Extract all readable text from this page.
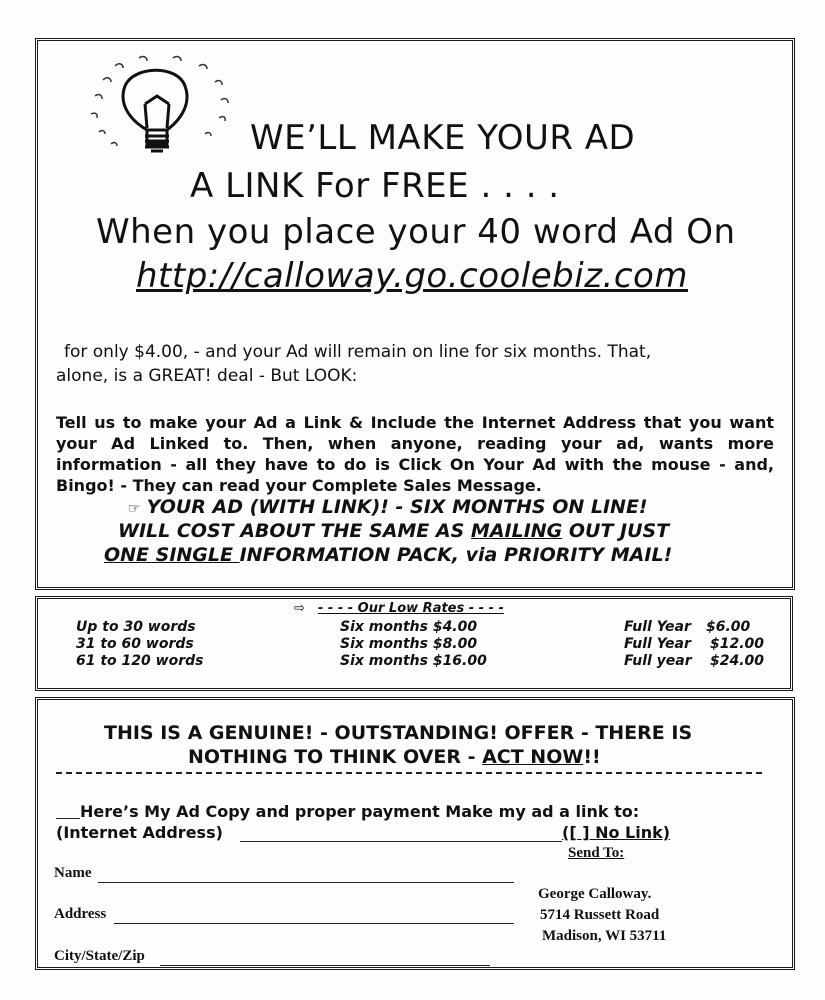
WE’LL MAKE YOUR AD
A LINK For FREE . . . .
When you place your 40 word Ad On
http://calloway.go.coolebiz.com
for only $4.00, - and your Ad will remain on line for six months. That,
alone, is a GREAT! deal - But LOOK:
Tell us to make your Ad a Link & Include the Internet Address that you want your Ad Linked to. Then, when anyone, reading your ad, wants more information - all they have to do is Click On Your Ad with the mouse - and, Bingo! - They can read your Complete Sales Message.
☞ YOUR AD (WITH LINK)! - SIX MONTHS ON LINE!
WILL COST ABOUT THE SAME AS MAILING OUT JUST
ONE SINGLE INFORMATION PACK, via PRIORITY MAIL!
⇨ - - - - Our Low Rates - - - -
Up to 30 words	Six months $4.00	Full Year $6.00
31 to 60 words	Six months $8.00	Full Year $12.00
61 to 120 words	Six months $16.00	Full year $24.00
THIS IS A GENUINE! - OUTSTANDING! OFFER - THERE IS
NOTHING TO THINK OVER - ACT NOW!!
Here’s My Ad Copy and proper payment Make my ad a link to:
(Internet Address)	([ ] No Link)
Send To:
Name
Address
City/State/Zip
George Calloway.
5714 Russett Road
Madison, WI 53711
